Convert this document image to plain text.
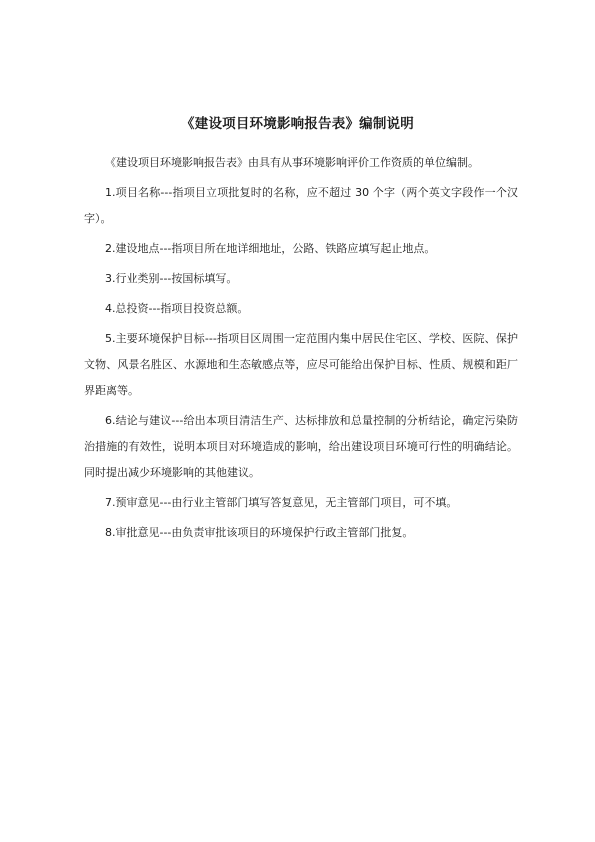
《建设项目环境影响报告表》编制说明

《建设项目环境影响报告表》由具有从事环境影响评价工作资质的单位编制。

1.项目名称---指项目立项批复时的名称，应不超过 30 个字（两个英文字段作一个汉字）。

2.建设地点---指项目所在地详细地址，公路、铁路应填写起止地点。

3.行业类别---按国标填写。

4.总投资---指项目投资总额。

5.主要环境保护目标---指项目区周围一定范围内集中居民住宅区、学校、医院、保护文物、风景名胜区、水源地和生态敏感点等，应尽可能给出保护目标、性质、规模和距厂界距离等。

6.结论与建议---给出本项目清洁生产、达标排放和总量控制的分析结论，确定污染防治措施的有效性，说明本项目对环境造成的影响，给出建设项目环境可行性的明确结论。同时提出减少环境影响的其他建议。

7.预审意见---由行业主管部门填写答复意见，无主管部门项目，可不填。

8.审批意见---由负责审批该项目的环境保护行政主管部门批复。
